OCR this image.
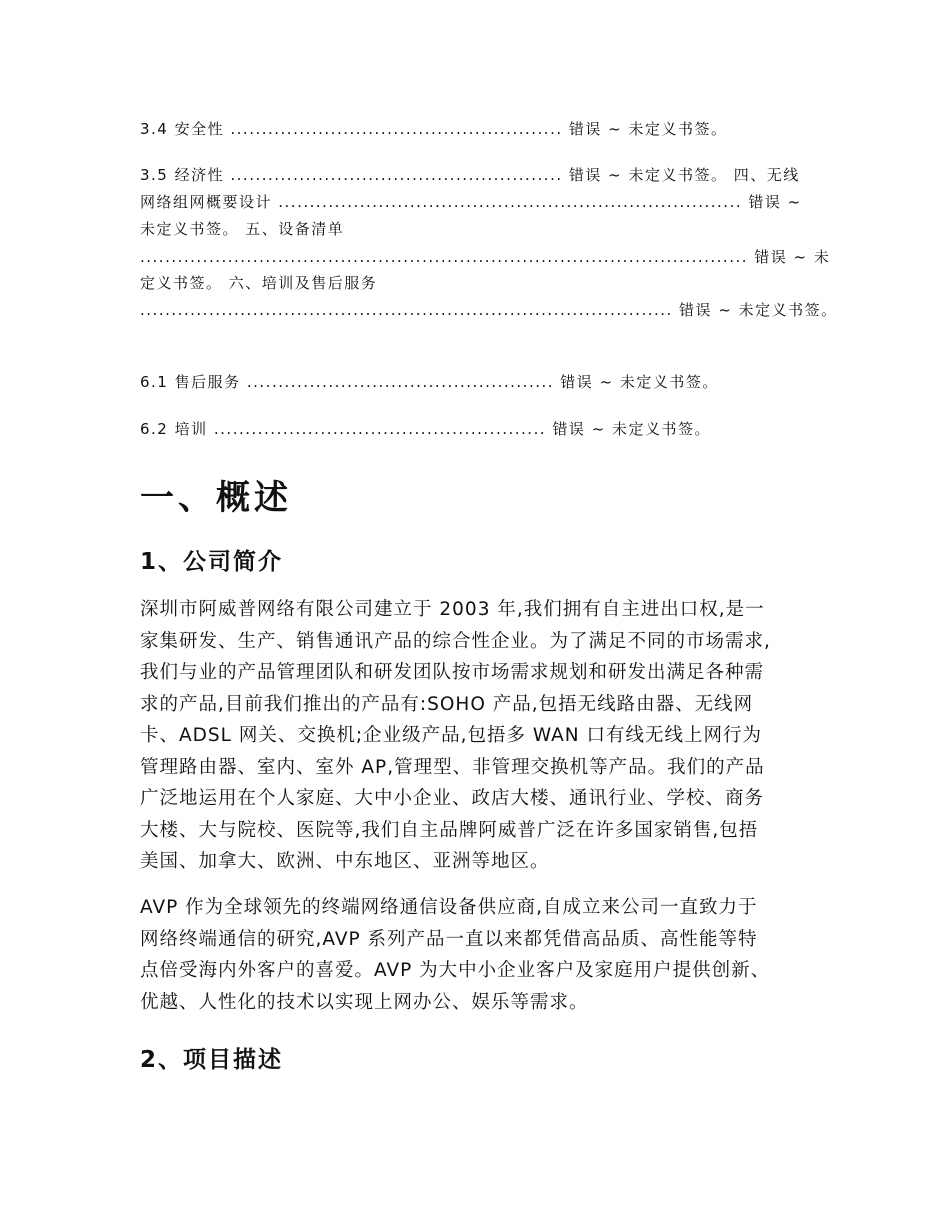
3.4 安全性 ..................................................... 错误 ~ 未定义书签。
3.5 经济性 ..................................................... 错误 ~ 未定义书签。 四、无线
网络组网概要设计 .......................................................................... 错误 ~
未定义书签。 五、设备清单
................................................................................................. 错误 ~ 未
定义书签。 六、培训及售后服务
..................................................................................... 错误 ~ 未定义书签。
6.1 售后服务 ................................................. 错误 ~ 未定义书签。
6.2 培训 ..................................................... 错误 ~ 未定义书签。
一、概述
1、公司简介
深圳市阿威普网络有限公司建立于 2003 年,我们拥有自主进出口权,是一
家集研发、生产、销售通讯产品的综合性企业。为了满足不同的市场需求,
我们与业的产品管理团队和研发团队按市场需求规划和研发出满足各种需
求的产品,目前我们推出的产品有:SOHO 产品,包捂无线路由器、无线网
卡、ADSL 网关、交换机;企业级产品,包捂多 WAN 口有线无线上网行为
管理路由器、室内、室外 AP,管理型、非管理交换机等产品。我们的产品
广泛地运用在个人家庭、大中小企业、政店大楼、通讯行业、学校、商务
大楼、大与院校、医院等,我们自主品牌阿威普广泛在许多国家销售,包捂
美国、加拿大、欧洲、中东地区、亚洲等地区。
AVP 作为全球领先的终端网络通信设备供应商,自成立来公司一直致力于
网络终端通信的研究,AVP 系列产品一直以来都凭借高品质、高性能等特
点倍受海内外客户的喜爱。AVP 为大中小企业客户及家庭用户提供创新、
优越、人性化的技术以实现上网办公、娱乐等需求。
2、项目描述
